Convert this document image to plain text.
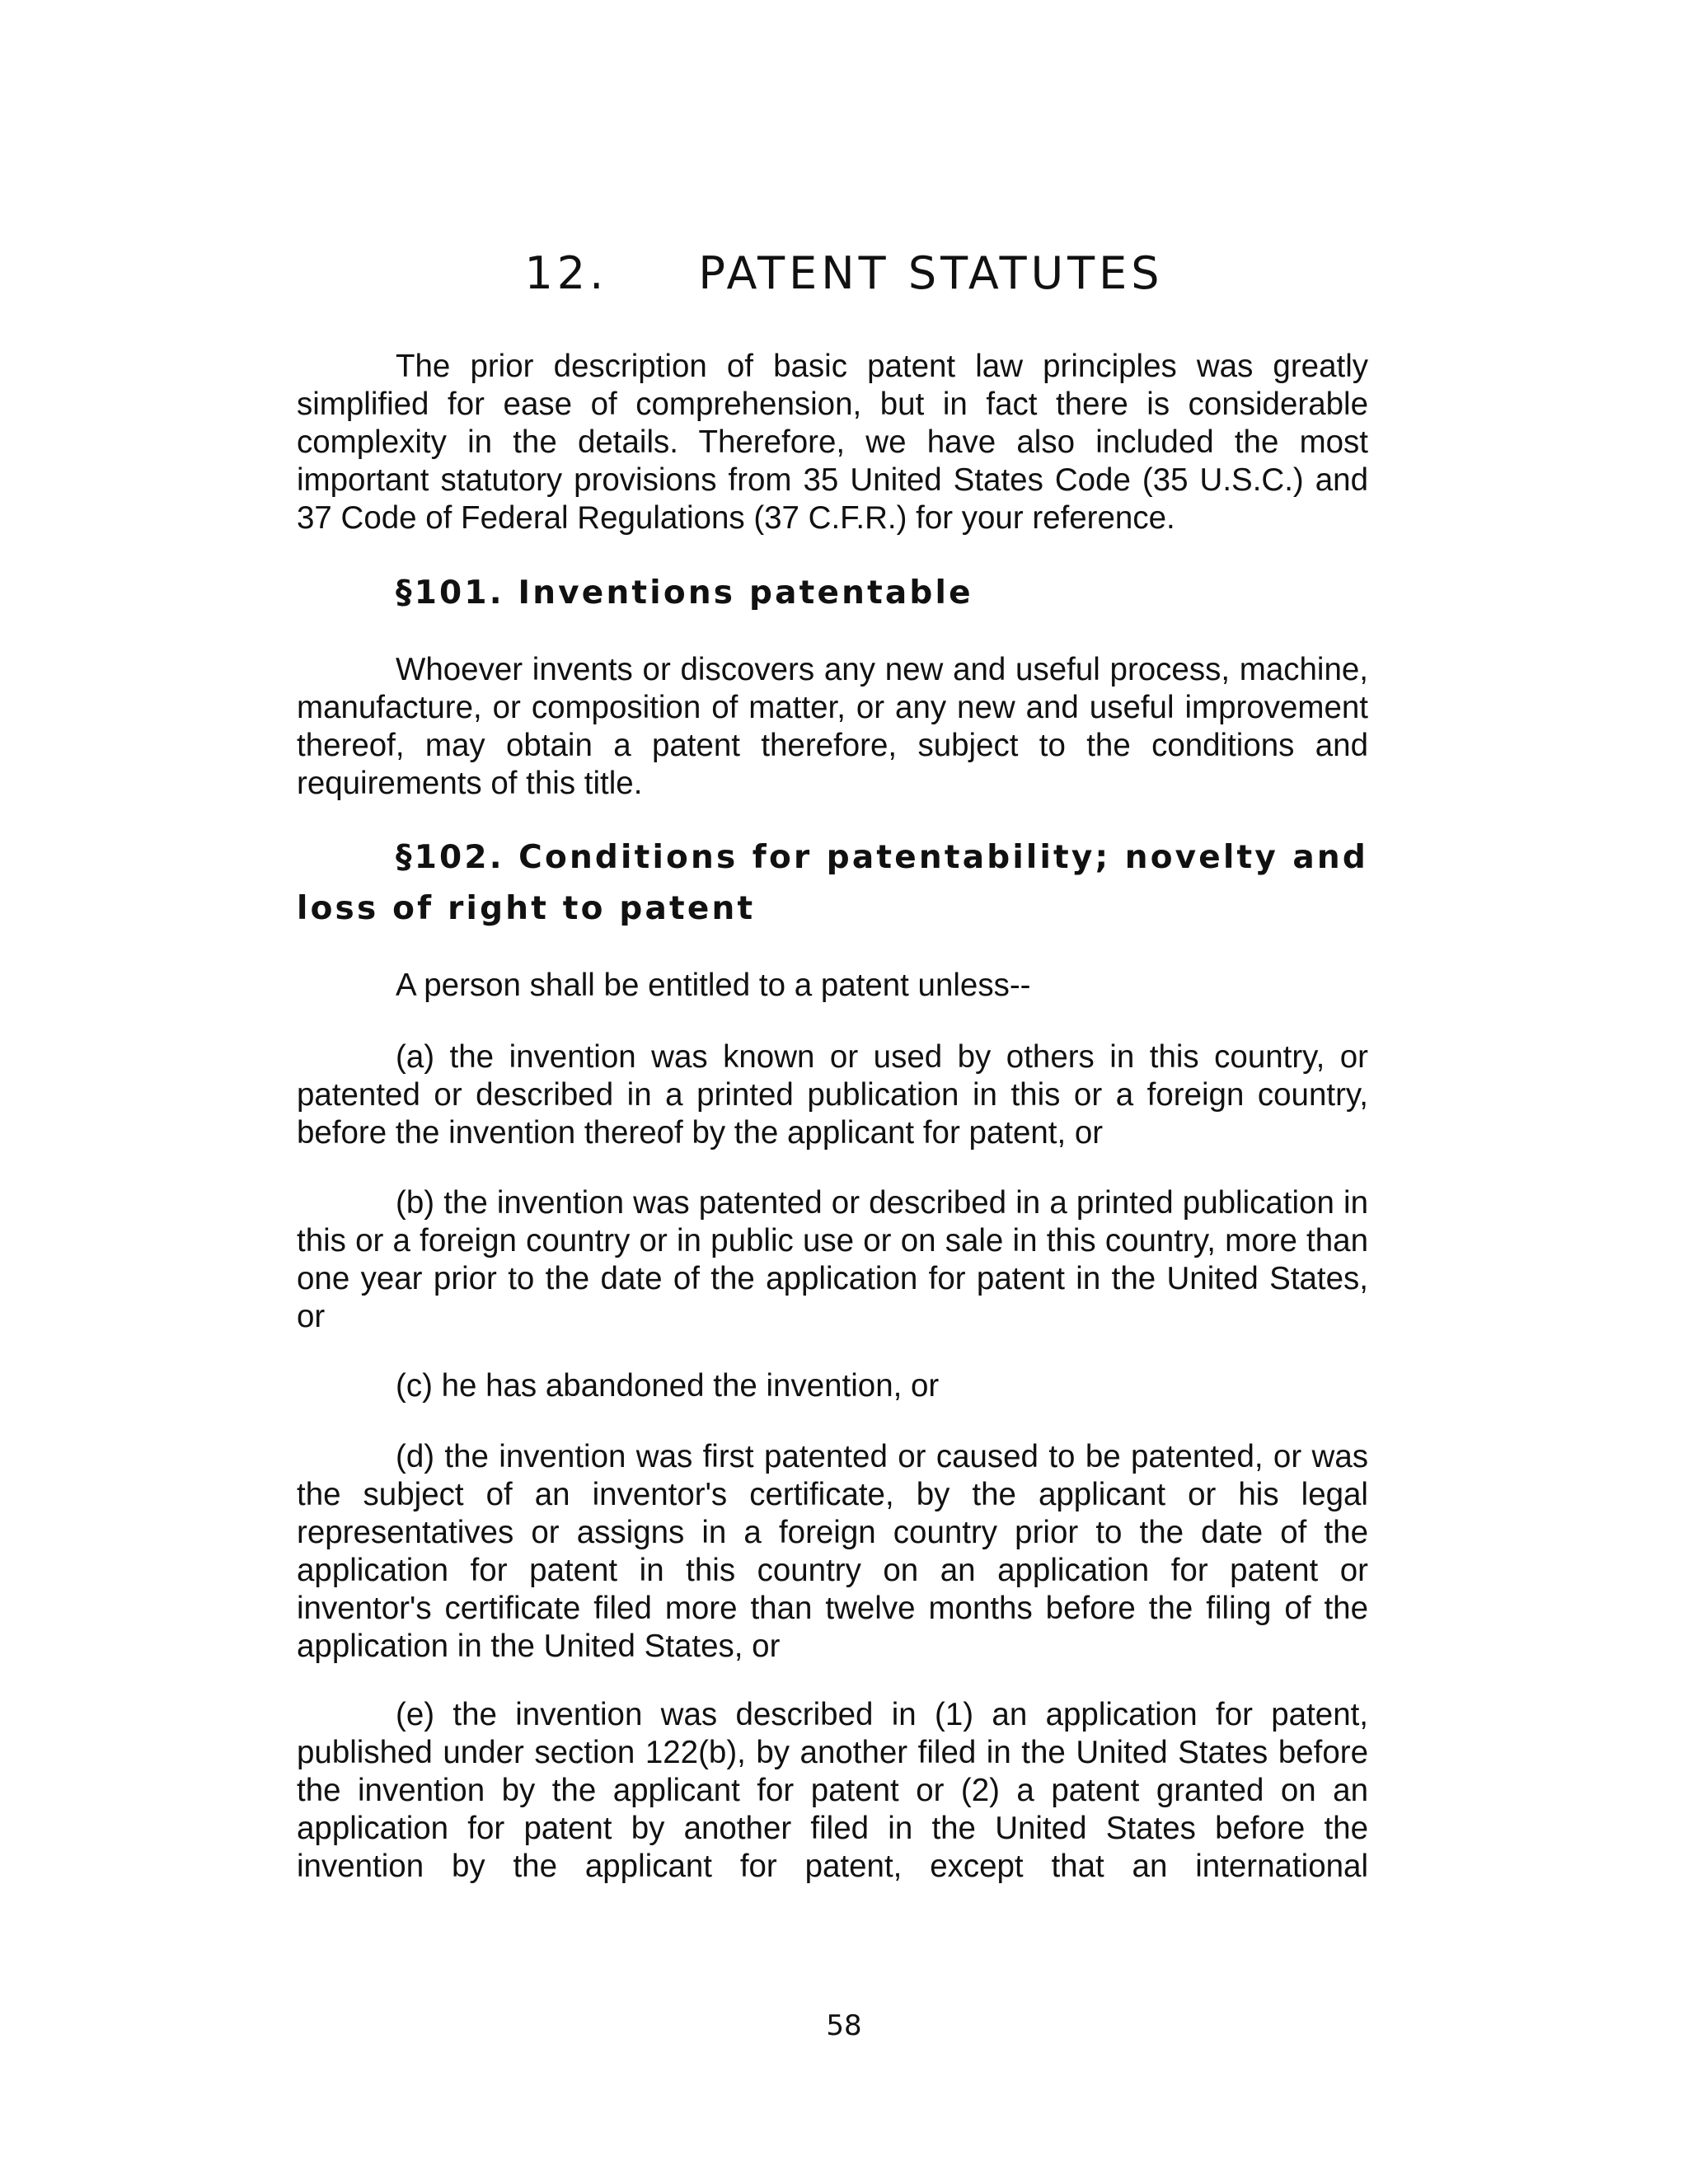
12. PATENT STATUTES

The prior description of basic patent law principles was greatly simplified for ease of comprehension, but in fact there is considerable complexity in the details. Therefore, we have also included the most important statutory provisions from 35 United States Code (35 U.S.C.) and 37 Code of Federal Regulations (37 C.F.R.) for your reference.

§101. Inventions patentable

Whoever invents or discovers any new and useful process, machine, manufacture, or composition of matter, or any new and useful improvement thereof, may obtain a patent therefore, subject to the conditions and requirements of this title.

§102. Conditions for patentability; novelty and loss of right to patent

A person shall be entitled to a patent unless--

(a) the invention was known or used by others in this country, or patented or described in a printed publication in this or a foreign country, before the invention thereof by the applicant for patent, or

(b) the invention was patented or described in a printed publication in this or a foreign country or in public use or on sale in this country, more than one year prior to the date of the application for patent in the United States, or

(c) he has abandoned the invention, or

(d) the invention was first patented or caused to be patented, or was the subject of an inventor's certificate, by the applicant or his legal representatives or assigns in a foreign country prior to the date of the application for patent in this country on an application for patent or inventor's certificate filed more than twelve months before the filing of the application in the United States, or

(e) the invention was described in (1) an application for patent, published under section 122(b), by another filed in the United States before the invention by the applicant for patent or (2) a patent granted on an application for patent by another filed in the United States before the invention by the applicant for patent, except that an international

58
